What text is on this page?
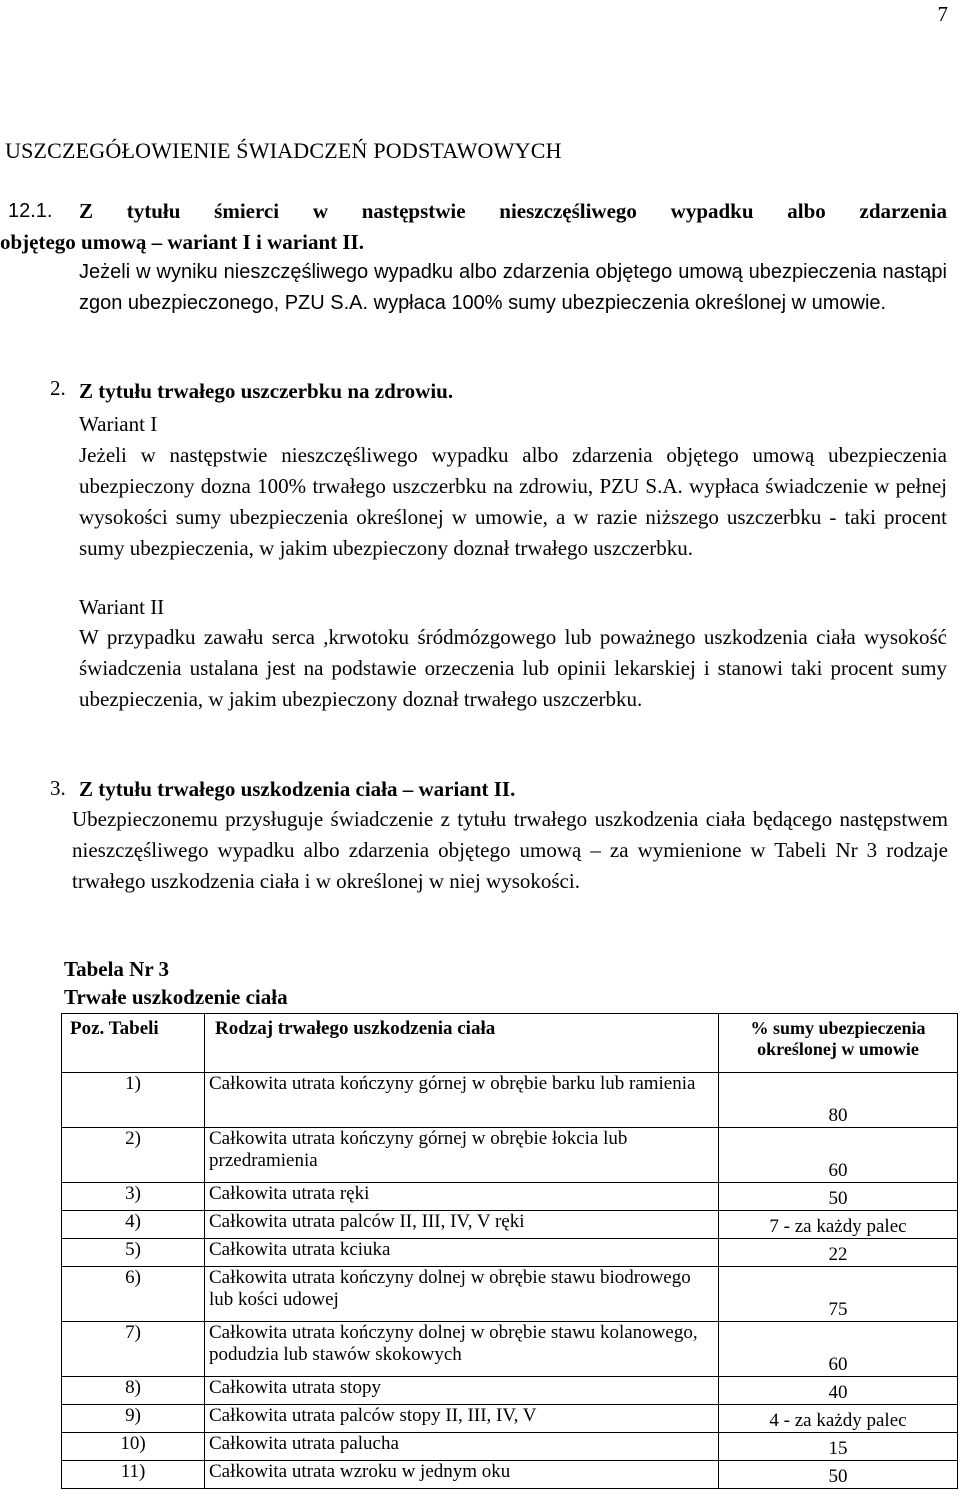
7
USZCZEGÓŁOWIENIE ŚWIADCZEŃ PODSTAWOWYCH
12.1. Z tytułu śmierci w następstwie nieszczęśliwego wypadku albo zdarzenia
objętego umową – wariant I i wariant II.
Jeżeli w wyniku nieszczęśliwego wypadku albo zdarzenia objętego umową ubezpieczenia nastąpi zgon ubezpieczonego, PZU S.A. wypłaca 100% sumy ubezpieczenia określonej w umowie.
2. Z tytułu trwałego uszczerbku na zdrowiu.
Wariant I
Jeżeli w następstwie nieszczęśliwego wypadku albo zdarzenia objętego umową ubezpieczenia ubezpieczony dozna 100% trwałego uszczerbku na zdrowiu, PZU S.A. wypłaca świadczenie w pełnej wysokości sumy ubezpieczenia określonej w umowie, a w razie niższego uszczerbku - taki procent sumy ubezpieczenia, w jakim ubezpieczony doznał trwałego uszczerbku.
Wariant II
W przypadku zawału serca ,krwotoku śródmózgowego lub poważnego uszkodzenia ciała wysokość świadczenia ustalana jest na podstawie orzeczenia lub opinii lekarskiej i stanowi taki procent sumy ubezpieczenia, w jakim ubezpieczony doznał trwałego uszczerbku.
3. Z tytułu trwałego uszkodzenia ciała – wariant II.
Ubezpieczonemu przysługuje świadczenie z tytułu trwałego uszkodzenia ciała będącego następstwem nieszczęśliwego wypadku albo zdarzenia objętego umową – za wymienione w Tabeli Nr 3 rodzaje trwałego uszkodzenia ciała i w określonej w niej wysokości.
Tabela Nr 3
Trwałe uszkodzenie ciała
Poz. Tabeli	Rodzaj trwałego uszkodzenia ciała	% sumy ubezpieczenia określonej w umowie
1)	Całkowita utrata kończyny górnej w obrębie barku lub ramienia	80
2)	Całkowita utrata kończyny górnej w obrębie łokcia lub przedramienia	60
3)	Całkowita utrata ręki	50
4)	Całkowita utrata palców II, III, IV, V ręki	7 - za każdy palec
5)	Całkowita utrata kciuka	22
6)	Całkowita utrata kończyny dolnej w obrębie stawu biodrowego lub kości udowej	75
7)	Całkowita utrata kończyny dolnej w obrębie stawu kolanowego, podudzia lub stawów skokowych	60
8)	Całkowita utrata stopy	40
9)	Całkowita utrata palców stopy II, III, IV, V	4 - za każdy palec
10)	Całkowita utrata palucha	15
11)	Całkowita utrata wzroku w jednym oku	50
